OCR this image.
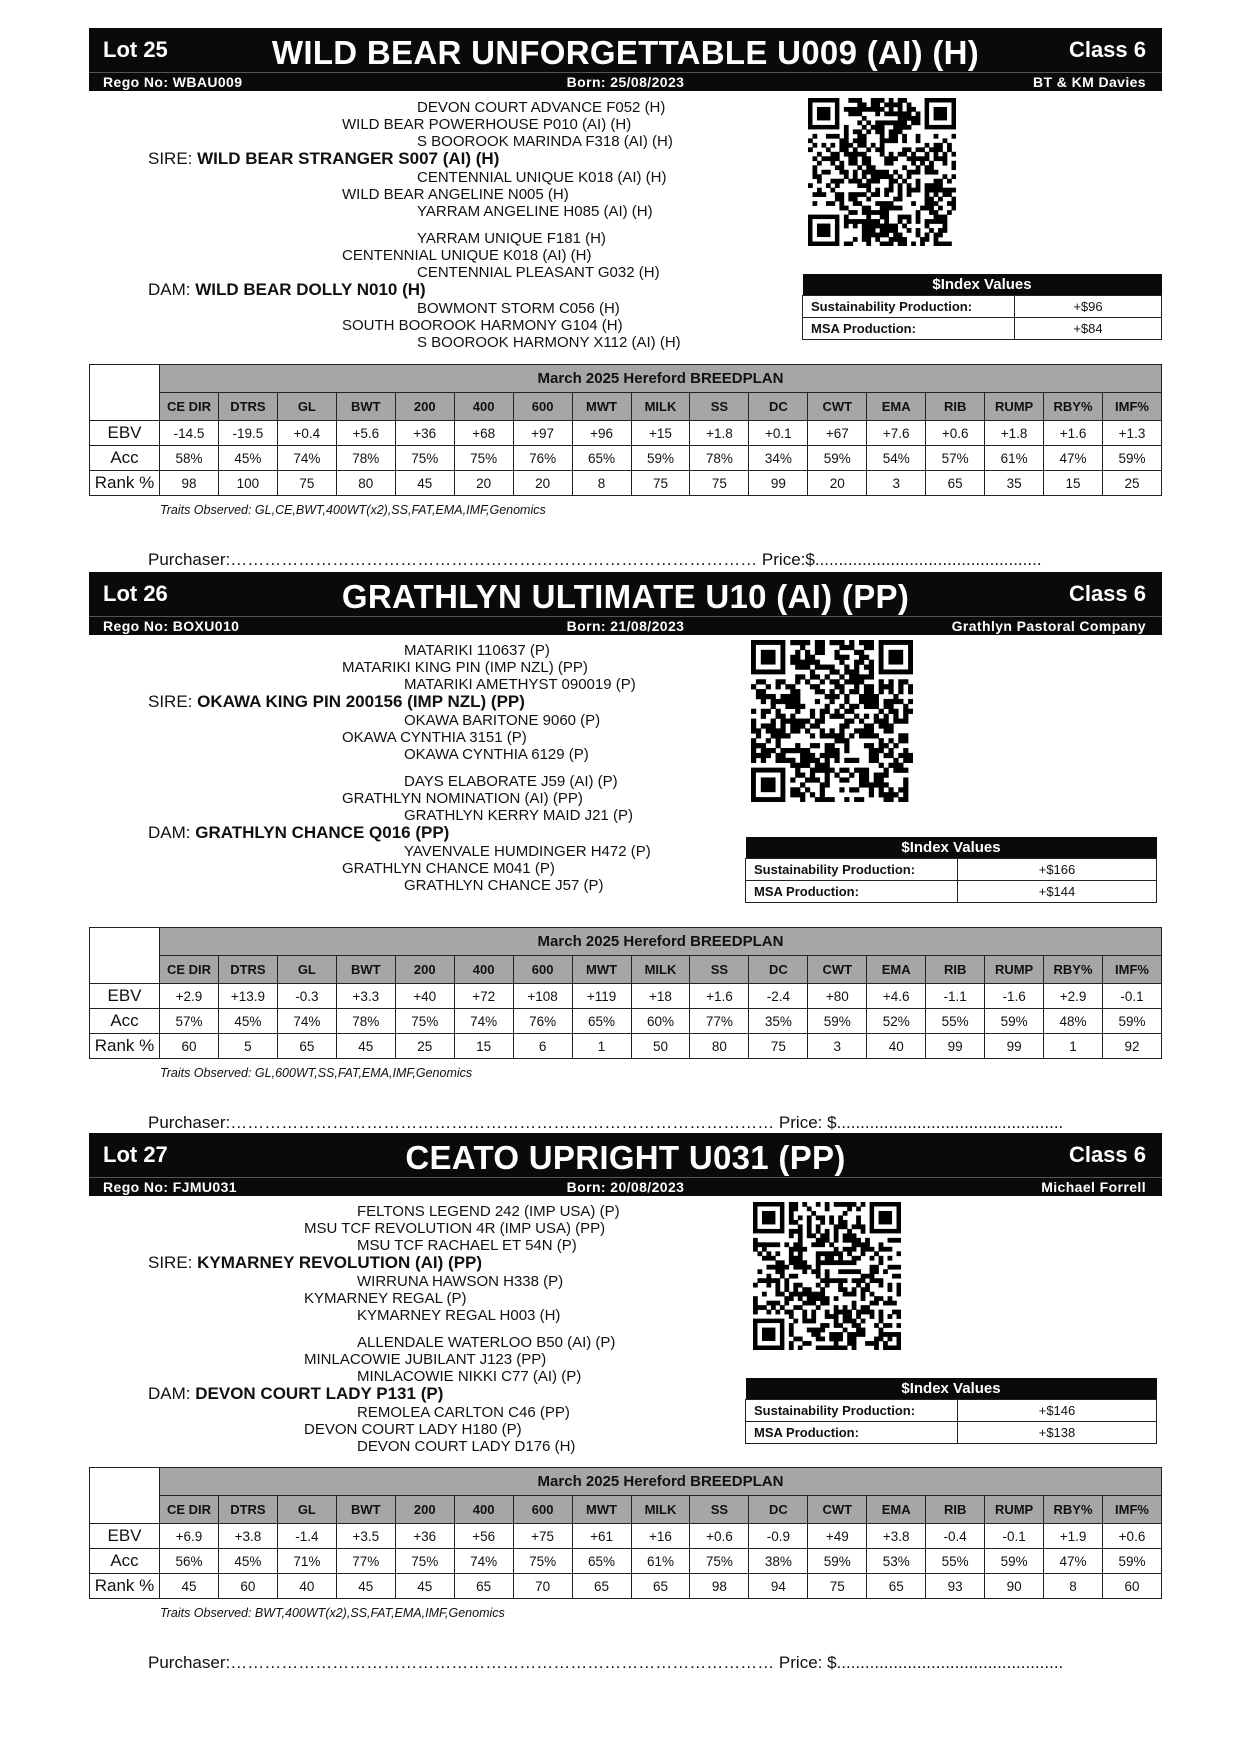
Lot 25	WILD BEAR UNFORGETTABLE U009 (AI) (H)	Class 6
Rego No: WBAU009	Born: 25/08/2023	BT & KM Davies
DEVON COURT ADVANCE F052 (H)
WILD BEAR POWERHOUSE P010 (AI) (H)
S BOOROOK MARINDA F318 (AI) (H)
SIRE: WILD BEAR STRANGER S007 (AI) (H)
CENTENNIAL UNIQUE K018 (AI) (H)
WILD BEAR ANGELINE N005 (H)
YARRAM ANGELINE H085 (AI) (H)
YARRAM UNIQUE F181 (H)
CENTENNIAL UNIQUE K018 (AI) (H)
CENTENNIAL PLEASANT G032 (H)
DAM: WILD BEAR DOLLY N010 (H)
BOWMONT STORM C056 (H)
SOUTH BOOROOK HARMONY G104 (H)
S BOOROOK HARMONY X112 (AI) (H)
$Index Values	
Sustainability Production:	+$96
MSA Production:	+$84
	March 2025 Hereford BREEDPLAN																
	CE DIR	DTRS	GL	BWT	200	400	600	MWT	MILK	SS	DC	CWT	EMA	RIB	RUMP	RBY%	IMF%
EBV	-14.5	-19.5	+0.4	+5.6	+36	+68	+97	+96	+15	+1.8	+0.1	+67	+7.6	+0.6	+1.8	+1.6	+1.3
Acc	58%	45%	74%	78%	75%	75%	76%	65%	59%	78%	34%	59%	54%	57%	61%	47%	59%
Rank %	98	100	75	80	45	20	20	8	75	75	99	20	3	65	35	15	25
Traits Observed: GL,CE,BWT,400WT(x2),SS,FAT,EMA,IMF,Genomics
Purchaser:………………………………………………………………………………… Price:$................................................
Lot 26	GRATHLYN ULTIMATE U10 (AI) (PP)	Class 6
Rego No: BOXU010	Born: 21/08/2023	Grathlyn Pastoral Company
MATARIKI 110637 (P)
MATARIKI KING PIN (IMP NZL) (PP)
MATARIKI AMETHYST 090019 (P)
SIRE: OKAWA KING PIN 200156 (IMP NZL) (PP)
OKAWA BARITONE 9060 (P)
OKAWA CYNTHIA 3151 (P)
OKAWA CYNTHIA 6129 (P)
DAYS ELABORATE J59 (AI) (P)
GRATHLYN NOMINATION (AI) (PP)
GRATHLYN KERRY MAID J21 (P)
DAM: GRATHLYN CHANCE Q016 (PP)
YAVENVALE HUMDINGER H472 (P)
GRATHLYN CHANCE M041 (P)
GRATHLYN CHANCE J57 (P)
$Index Values	
Sustainability Production:	+$166
MSA Production:	+$144
	March 2025 Hereford BREEDPLAN																
	CE DIR	DTRS	GL	BWT	200	400	600	MWT	MILK	SS	DC	CWT	EMA	RIB	RUMP	RBY%	IMF%
EBV	+2.9	+13.9	-0.3	+3.3	+40	+72	+108	+119	+18	+1.6	-2.4	+80	+4.6	-1.1	-1.6	+2.9	-0.1
Acc	57%	45%	74%	78%	75%	74%	76%	65%	60%	77%	35%	59%	52%	55%	59%	48%	59%
Rank %	60	5	65	45	25	15	6	1	50	80	75	3	40	99	99	1	92
Traits Observed: GL,600WT,SS,FAT,EMA,IMF,Genomics
Purchaser:…………………………………………………………………………………… Price: $................................................
Lot 27	CEATO UPRIGHT U031 (PP)	Class 6
Rego No: FJMU031	Born: 20/08/2023	Michael Forrell
FELTONS LEGEND 242 (IMP USA) (P)
MSU TCF REVOLUTION 4R (IMP USA) (PP)
MSU TCF RACHAEL ET 54N (P)
SIRE: KYMARNEY REVOLUTION (AI) (PP)
WIRRUNA HAWSON H338 (P)
KYMARNEY REGAL (P)
KYMARNEY REGAL H003 (H)
ALLENDALE WATERLOO B50 (AI) (P)
MINLACOWIE JUBILANT J123 (PP)
MINLACOWIE NIKKI C77 (AI) (P)
DAM: DEVON COURT LADY P131 (P)
REMOLEA CARLTON C46 (PP)
DEVON COURT LADY H180 (P)
DEVON COURT LADY D176 (H)
$Index Values	
Sustainability Production:	+$146
MSA Production:	+$138
	March 2025 Hereford BREEDPLAN																
	CE DIR	DTRS	GL	BWT	200	400	600	MWT	MILK	SS	DC	CWT	EMA	RIB	RUMP	RBY%	IMF%
EBV	+6.9	+3.8	-1.4	+3.5	+36	+56	+75	+61	+16	+0.6	-0.9	+49	+3.8	-0.4	-0.1	+1.9	+0.6
Acc	56%	45%	71%	77%	75%	74%	75%	65%	61%	75%	38%	59%	53%	55%	59%	47%	59%
Rank %	45	60	40	45	45	65	70	65	65	98	94	75	65	93	90	8	60
Traits Observed: BWT,400WT(x2),SS,FAT,EMA,IMF,Genomics
Purchaser:…………………………………………………………………………………… Price: $................................................
